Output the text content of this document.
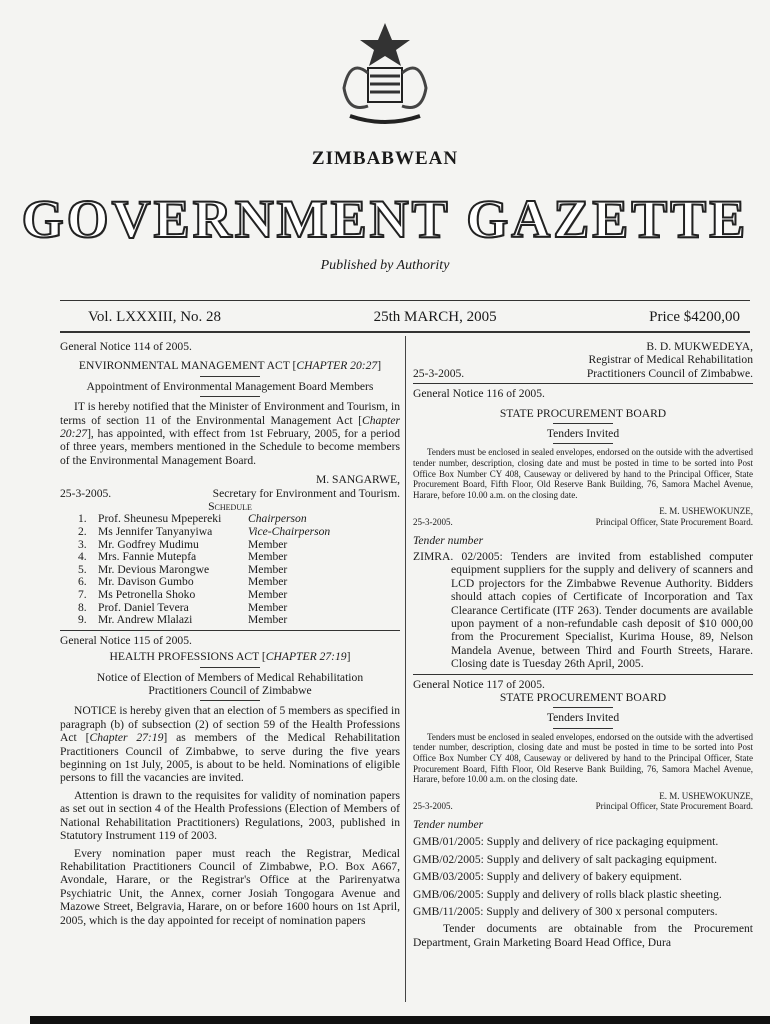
ZIMBABWEAN
GOVERNMENT GAZETTE
Published by Authority
Vol. LXXXIII, No. 28	25th MARCH, 2005	Price $4200,00

General Notice 114 of 2005.

ENVIRONMENTAL MANAGEMENT ACT [CHAPTER 20:27]

Appointment of Environmental Management Board Members

IT is hereby notified that the Minister of Environment and Tourism, in terms of section 11 of the Environmental Management Act [Chapter 20:27], has appointed, with effect from 1st February, 2005, for a period of three years, members mentioned in the Schedule to become members of the Environmental Management Board.

M. SANGARWE,

25-3-2005.	Secretary for Environment and Tourism.

Schedule

1. Prof. Sheunesu Mpepereki	Chairperson
2. Ms Jennifer Tanyanyiwa	Vice-Chairperson
3. Mr. Godfrey Mudimu	Member
4. Mrs. Fannie Mutepfa	Member
5. Mr. Devious Marongwe	Member
6. Mr. Davison Gumbo	Member
7. Ms Petronella Shoko	Member
8. Prof. Daniel Tevera	Member
9. Mr. Andrew Mlalazi	Member

General Notice 115 of 2005.

HEALTH PROFESSIONS ACT [CHAPTER 27:19]

Notice of Election of Members of Medical Rehabilitation Practitioners Council of Zimbabwe

NOTICE is hereby given that an election of 5 members as specified in paragraph (b) of subsection (2) of section 59 of the Health Professions Act [Chapter 27:19] as members of the Medical Rehabilitation Practitioners Council of Zimbabwe, to serve during the five years beginning on 1st July, 2005, is about to be held. Nominations of eligible persons to fill the vacancies are invited.

Attention is drawn to the requisites for validity of nomination papers as set out in section 4 of the Health Professions (Election of Members of National Rehabilitation Practitioners) Regulations, 2003, published in Statutory Instrument 119 of 2003.

Every nomination paper must reach the Registrar, Medical Rehabilitation Practitioners Council of Zimbabwe, P.O. Box A667, Avondale, Harare, or the Registrar's Office at the Parirenyatwa Psychiatric Unit, the Annex, corner Josiah Tongogara Avenue and Mazowe Street, Belgravia, Harare, on or before 1600 hours on 1st April, 2005, which is the day appointed for receipt of nomination papers

B. D. MUKWEDEYA,

Registrar of Medical Rehabilitation

25-3-2005.	Practitioners Council of Zimbabwe.

General Notice 116 of 2005.

STATE PROCUREMENT BOARD

Tenders Invited

Tenders must be enclosed in sealed envelopes, endorsed on the outside with the advertised tender number, description, closing date and must be posted in time to be sorted into Post Office Box Number CY 408, Causeway or delivered by hand to the Principal Officer, State Procurement Board, Fifth Floor, Old Reserve Bank Building, 76, Samora Machel Avenue, Harare, before 10.00 a.m. on the closing date.

E. M. USHEWOKUNZE,

25-3-2005.	Principal Officer, State Procurement Board.

Tender number

ZIMRA. 02/2005: Tenders are invited from established computer equipment suppliers for the supply and delivery of scanners and LCD projectors for the Zimbabwe Revenue Authority. Bidders should attach copies of Certificate of Incorporation and Tax Clearance Certificate (ITF 263). Tender documents are available upon payment of a non-refundable cash deposit of $10 000,00 from the Procurement Specialist, Kurima House, 89, Nelson Mandela Avenue, between Third and Fourth Streets, Harare. Closing date is Tuesday 26th April, 2005.

General Notice 117 of 2005.

STATE PROCUREMENT BOARD

Tenders Invited

Tenders must be enclosed in sealed envelopes, endorsed on the outside with the advertised tender number, description, closing date and must be posted in time to be sorted into Post Office Box Number CY 408, Causeway or delivered by hand to the Principal Officer, State Procurement Board, Fifth Floor, Old Reserve Bank Building, 76, Samora Machel Avenue, Harare, before 10.00 a.m. on the closing date.

E. M. USHEWOKUNZE,

25-3-2005.	Principal Officer, State Procurement Board.

Tender number

GMB/01/2005: Supply and delivery of rice packaging equipment.

GMB/02/2005: Supply and delivery of salt packaging equipment.

GMB/03/2005: Supply and delivery of bakery equipment.

GMB/06/2005: Supply and delivery of rolls black plastic sheeting.

GMB/11/2005: Supply and delivery of 300 x personal computers.

Tender documents are obtainable from the Procurement Department, Grain Marketing Board Head Office, Dura
